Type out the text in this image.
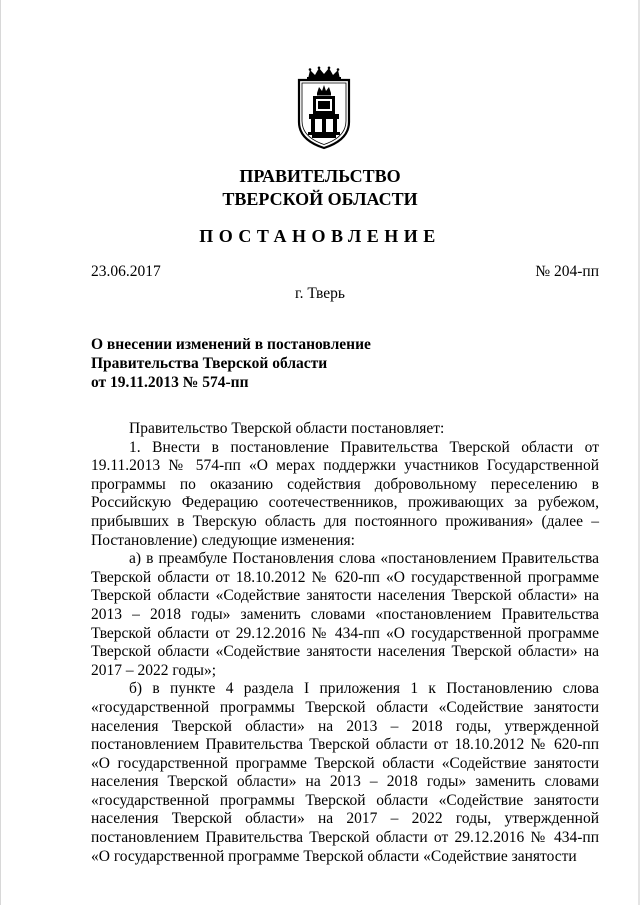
ПРАВИТЕЛЬСТВО
ТВЕРСКОЙ ОБЛАСТИ
ПОСТАНОВЛЕНИЕ
23.06.2017	№ 204-пп
г. Тверь
О внесении изменений в постановление
Правительства Тверской области
от 19.11.2013 № 574-пп

Правительство Тверской области постановляет:

1. Внести в постановление Правительства Тверской области от 19.11.2013 № 574-пп «О мерах поддержки участников Государственной программы по оказанию содействия добровольному переселению в Российскую Федерацию соотечественников, проживающих за рубежом, прибывших в Тверскую область для постоянного проживания» (далее – Постановление) следующие изменения:

а) в преамбуле Постановления слова «постановлением Правительства Тверской области от 18.10.2012 № 620-пп «О государственной программе Тверской области «Содействие занятости населения Тверской области» на 2013 – 2018 годы» заменить словами «постановлением Правительства Тверской области от 29.12.2016 № 434-пп «О государственной программе Тверской области «Содействие занятости населения Тверской области» на 2017 – 2022 годы»;

б) в пункте 4 раздела I приложения 1 к Постановлению слова «государственной программы Тверской области «Содействие занятости населения Тверской области» на 2013 – 2018 годы, утвержденной постановлением Правительства Тверской области от 18.10.2012 № 620-пп «О государственной программе Тверской области «Содействие занятости населения Тверской области» на 2013 – 2018 годы» заменить словами «государственной программы Тверской области «Содействие занятости населения Тверской области» на 2017 – 2022 годы, утвержденной постановлением Правительства Тверской области от 29.12.2016 № 434-пп «О государственной программе Тверской области «Содействие занятости
